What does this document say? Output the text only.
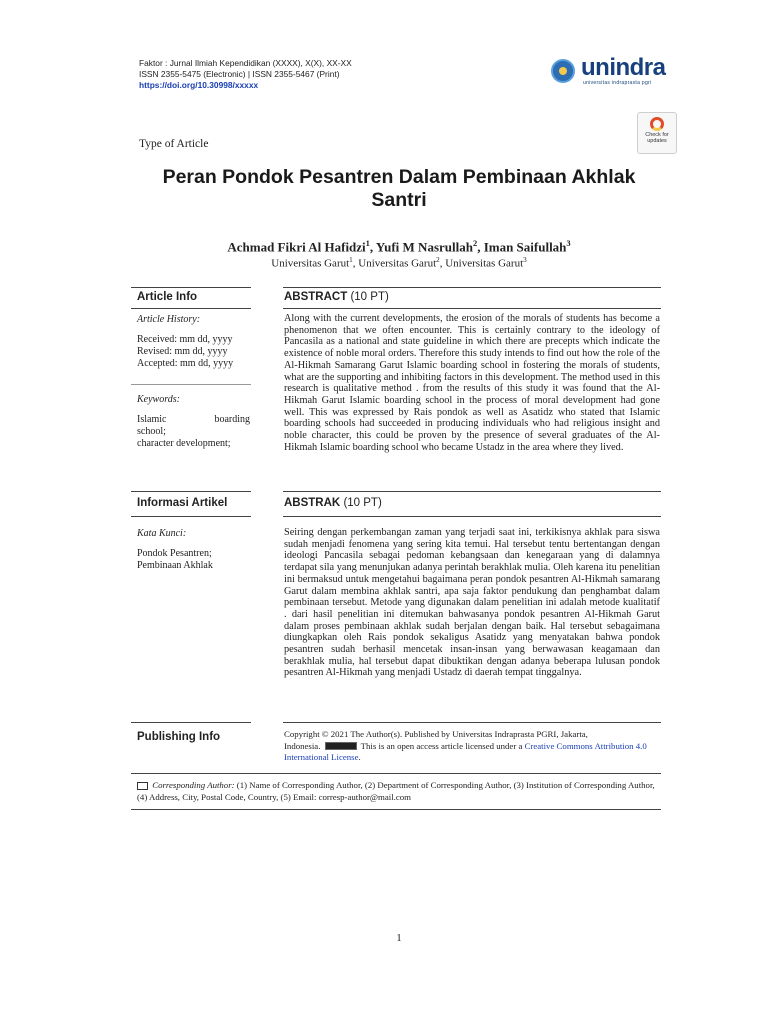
Faktor : Jurnal Ilmiah Kependidikan (XXXX), X(X), XX-XX
ISSN 2355-5475 (Electronic) | ISSN 2355-5467 (Print)
https://doi.org/10.30998/xxxxx
unindra
universitas indraprasta pgri
Type of Article
Check for
updates
Peran Pondok Pesantren Dalam Pembinaan Akhlak Santri
Achmad Fikri Al Hafidzi$^1$, Yufi M Nasrullah$^2$, Iman Saifullah$^3$
Universitas Garut$^1$, Universitas Garut$^2$, Universitas Garut$^3$
Article Info	ABSTRACT (10 PT)
Article History:
Received: mm dd, yyyy
Revised: mm dd, yyyy
Accepted: mm dd, yyyy
Keywords:
Islamic	boarding
school;
character development;
Along with the current developments, the erosion of the morals of students has become a phenomenon that we often encounter. This is certainly contrary to the ideology of Pancasila as a national and state guideline in which there are precepts which indicate the existence of noble moral orders. Therefore this study intends to find out how the role of the Al-Hikmah Samarang Garut Islamic boarding school in fostering the morals of students, what are the supporting and inhibiting factors in this development. The method used in this research is qualitative method . from the results of this study it was found that the Al-Hikmah Garut Islamic boarding school in the process of moral development had gone well. This was expressed by Rais pondok as well as Asatidz who stated that Islamic boarding schools had succeeded in producing individuals who had religious insight and noble character, this could be proven by the presence of several graduates of the Al-Hikmah Islamic boarding school who became Ustadz in the area where they lived.
Informasi Artikel	ABSTRAK (10 PT)
Kata Kunci:
Pondok Pesantren;
Pembinaan Akhlak
Seiring dengan perkembangan zaman yang terjadi saat ini, terkikisnya akhlak para siswa sudah menjadi fenomena yang sering kita temui. Hal tersebut tentu bertentangan dengan ideologi Pancasila sebagai pedoman kebangsaan dan kenegaraan yang di dalamnya terdapat sila yang menunjukan adanya perintah berakhlak mulia. Oleh karena itu penelitian ini bermaksud untuk mengetahui bagaimana peran pondok pesantren Al-Hikmah samarang Garut dalam membina akhlak santri, apa saja faktor pendukung dan penghambat dalam pembinaan tersebut. Metode yang digunakan dalam penelitian ini adalah metode kualitatif . dari hasil penelitian ini ditemukan bahwasanya pondok pesantren Al-Hikmah Garut dalam proses pembinaan akhlak sudah berjalan dengan baik. Hal tersebut sebagaimana diungkapkan oleh Rais pondok sekaligus Asatidz yang menyatakan bahwa pondok pesantren sudah berhasil mencetak insan-insan yang berwawasan keagamaan dan berakhlak mulia, hal tersebut dapat dibuktikan dengan adanya beberapa lulusan pondok pesantren Al-Hikmah yang menjadi Ustadz di daerah tempat tinggalnya.
Publishing Info	Copyright © 2021 The Author(s). Published by Universitas Indraprasta PGRI, Jakarta,
Indonesia.	This is an open access article licensed under a Creative Commons Attribution 4.0 International License.
Corresponding Author: (1) Name of Corresponding Author, (2) Department of Corresponding Author, (3) Institution of Corresponding Author, (4) Address, City, Postal Code, Country, (5) Email: corresp-author@mail.com
1
